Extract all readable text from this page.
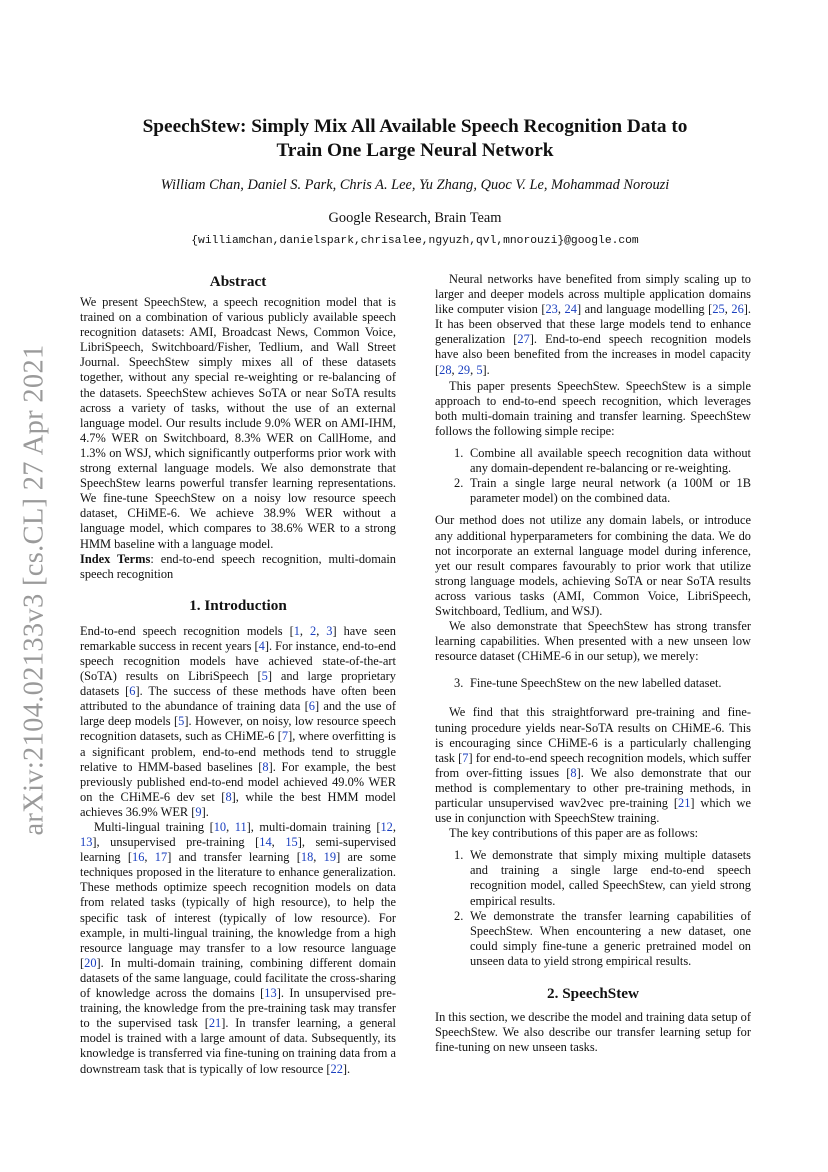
arXiv:2104.02133v3 [cs.CL] 27 Apr 2021
SpeechStew: Simply Mix All Available Speech Recognition Data to
Train One Large Neural Network
William Chan, Daniel S. Park, Chris A. Lee, Yu Zhang, Quoc V. Le, Mohammad Norouzi
Google Research, Brain Team
{williamchan,danielspark,chrisalee,ngyuzh,qvl,mnorouzi}@google.com
Abstract

We present SpeechStew, a speech recognition model that is trained on a combination of various publicly available speech recognition datasets: AMI, Broadcast News, Common Voice, LibriSpeech, Switchboard/Fisher, Tedlium, and Wall Street Journal. SpeechStew simply mixes all of these datasets together, without any special re-weighting or re-balancing of the datasets. SpeechStew achieves SoTA or near SoTA results across a variety of tasks, without the use of an external language model. Our results include 9.0% WER on AMI-IHM, 4.7% WER on Switchboard, 8.3% WER on CallHome, and 1.3% on WSJ, which significantly outperforms prior work with strong external language models. We also demonstrate that SpeechStew learns powerful transfer learning representations. We fine-tune SpeechStew on a noisy low resource speech dataset, CHiME-6. We achieve 38.9% WER without a language model, which compares to 38.6% WER to a strong HMM baseline with a language model.

Index Terms: end-to-end speech recognition, multi-domain speech recognition

1. Introduction

End-to-end speech recognition models [1, 2, 3] have seen remarkable success in recent years [4]. For instance, end-to-end speech recognition models have achieved state-of-the-art (SoTA) results on LibriSpeech [5] and large proprietary datasets [6]. The success of these methods have often been attributed to the abundance of training data [6] and the use of large deep models [5]. However, on noisy, low resource speech recognition datasets, such as CHiME-6 [7], where overfitting is a significant problem, end-to-end methods tend to struggle relative to HMM-based baselines [8]. For example, the best previously published end-to-end model achieved 49.0% WER on the CHiME-6 dev set [8], while the best HMM model achieves 36.9% WER [9].

Multi-lingual training [10, 11], multi-domain training [12, 13], unsupervised pre-training [14, 15], semi-supervised learning [16, 17] and transfer learning [18, 19] are some techniques proposed in the literature to enhance generalization. These methods optimize speech recognition models on data from related tasks (typically of high resource), to help the specific task of interest (typically of low resource). For example, in multi-lingual training, the knowledge from a high resource language may transfer to a low resource language [20]. In multi-domain training, combining different domain datasets of the same language, could facilitate the cross-sharing of knowledge across the domains [13]. In unsupervised pre-training, the knowledge from the pre-training task may transfer to the supervised task [21]. In transfer learning, a general model is trained with a large amount of data. Subsequently, its knowledge is transferred via fine-tuning on training data from a downstream task that is typically of low resource [22].

Neural networks have benefited from simply scaling up to larger and deeper models across multiple application domains like computer vision [23, 24] and language modelling [25, 26]. It has been observed that these large models tend to enhance generalization [27]. End-to-end speech recognition models have also been benefited from the increases in model capacity [28, 29, 5].

This paper presents SpeechStew. SpeechStew is a simple approach to end-to-end speech recognition, which leverages both multi-domain training and transfer learning. SpeechStew follows the following simple recipe:

1. Combine all available speech recognition data without any domain-dependent re-balancing or re-weighting.
2. Train a single large neural network (a 100M or 1B parameter model) on the combined data.

Our method does not utilize any domain labels, or introduce any additional hyperparameters for combining the data. We do not incorporate an external language model during inference, yet our result compares favourably to prior work that utilize strong language models, achieving SoTA or near SoTA results across various tasks (AMI, Common Voice, LibriSpeech, Switchboard, Tedlium, and WSJ).

We also demonstrate that SpeechStew has strong transfer learning capabilities. When presented with a new unseen low resource dataset (CHiME-6 in our setup), we merely:

3. Fine-tune SpeechStew on the new labelled dataset.

We find that this straightforward pre-training and fine-tuning procedure yields near-SoTA results on CHiME-6. This is encouraging since CHiME-6 is a particularly challenging task [7] for end-to-end speech recognition models, which suffer from over-fitting issues [8]. We also demonstrate that our method is complementary to other pre-training methods, in particular unsupervised wav2vec pre-training [21] which we use in conjunction with SpeechStew training.

The key contributions of this paper are as follows:

1. We demonstrate that simply mixing multiple datasets and training a single large end-to-end speech recognition model, called SpeechStew, can yield strong empirical results.
2. We demonstrate the transfer learning capabilities of SpeechStew. When encountering a new dataset, one could simply fine-tune a generic pretrained model on unseen data to yield strong empirical results.
2. SpeechStew

In this section, we describe the model and training data setup of SpeechStew. We also describe our transfer learning setup for fine-tuning on new unseen tasks.
